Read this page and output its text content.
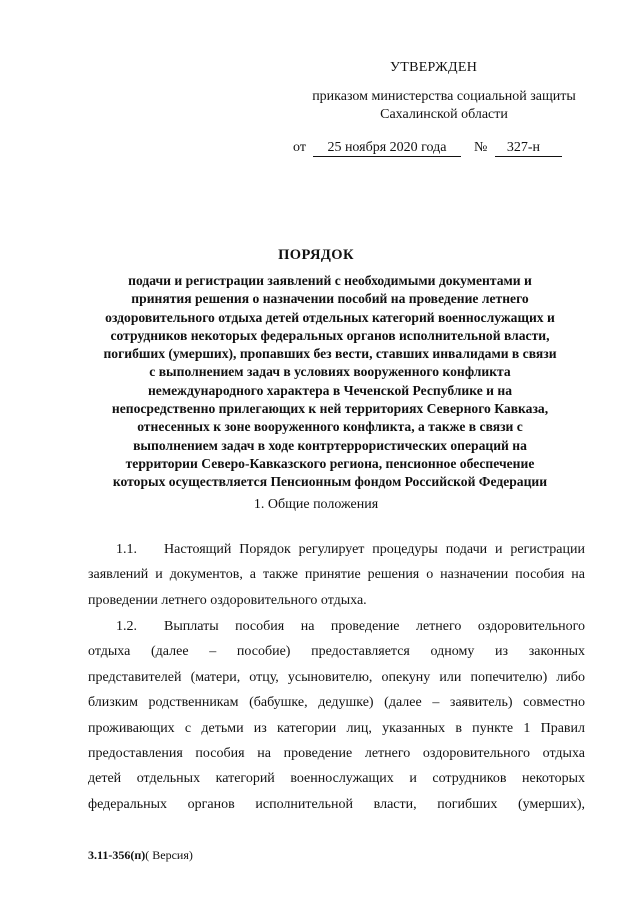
УТВЕРЖДЕН
приказом министерства социальной защиты
Сахалинской области
от 25 ноября 2020 года № 327-н
ПОРЯДОК
подачи и регистрации заявлений с необходимыми документами и
принятия решения о назначении пособий на проведение летнего
оздоровительного отдыха детей отдельных категорий военнослужащих и
сотрудников некоторых федеральных органов исполнительной власти,
погибших (умерших), пропавших без вести, ставших инвалидами в связи
с выполнением задач в условиях вооруженного конфликта
немеждународного характера в Чеченской Республике и на
непосредственно прилегающих к ней территориях Северного Кавказа,
отнесенных к зоне вооруженного конфликта, а также в связи с
выполнением задач в ходе контртеррористических операций на
территории Северо-Кавказского региона, пенсионное обеспечение
которых осуществляется Пенсионным фондом Российской Федерации
1. Общие положения
1.1. Настоящий Порядок регулирует процедуры подачи и регистрации
заявлений и документов, а также принятие решения о назначении пособия на
проведении летнего оздоровительного отдыха.
1.2. Выплаты пособия на проведение летнего оздоровительного
отдыха (далее – пособие) предоставляется одному из законных
представителей (матери, отцу, усыновителю, опекуну или попечителю) либо
близким родственникам (бабушке, дедушке) (далее – заявитель) совместно
проживающих с детьми из категории лиц, указанных в пункте 1 Правил
предоставления пособия на проведение летнего оздоровительного отдыха
детей отдельных категорий военнослужащих и сотрудников некоторых
федеральных органов исполнительной власти, погибших (умерших),
3.11-356(п)( Версия)
